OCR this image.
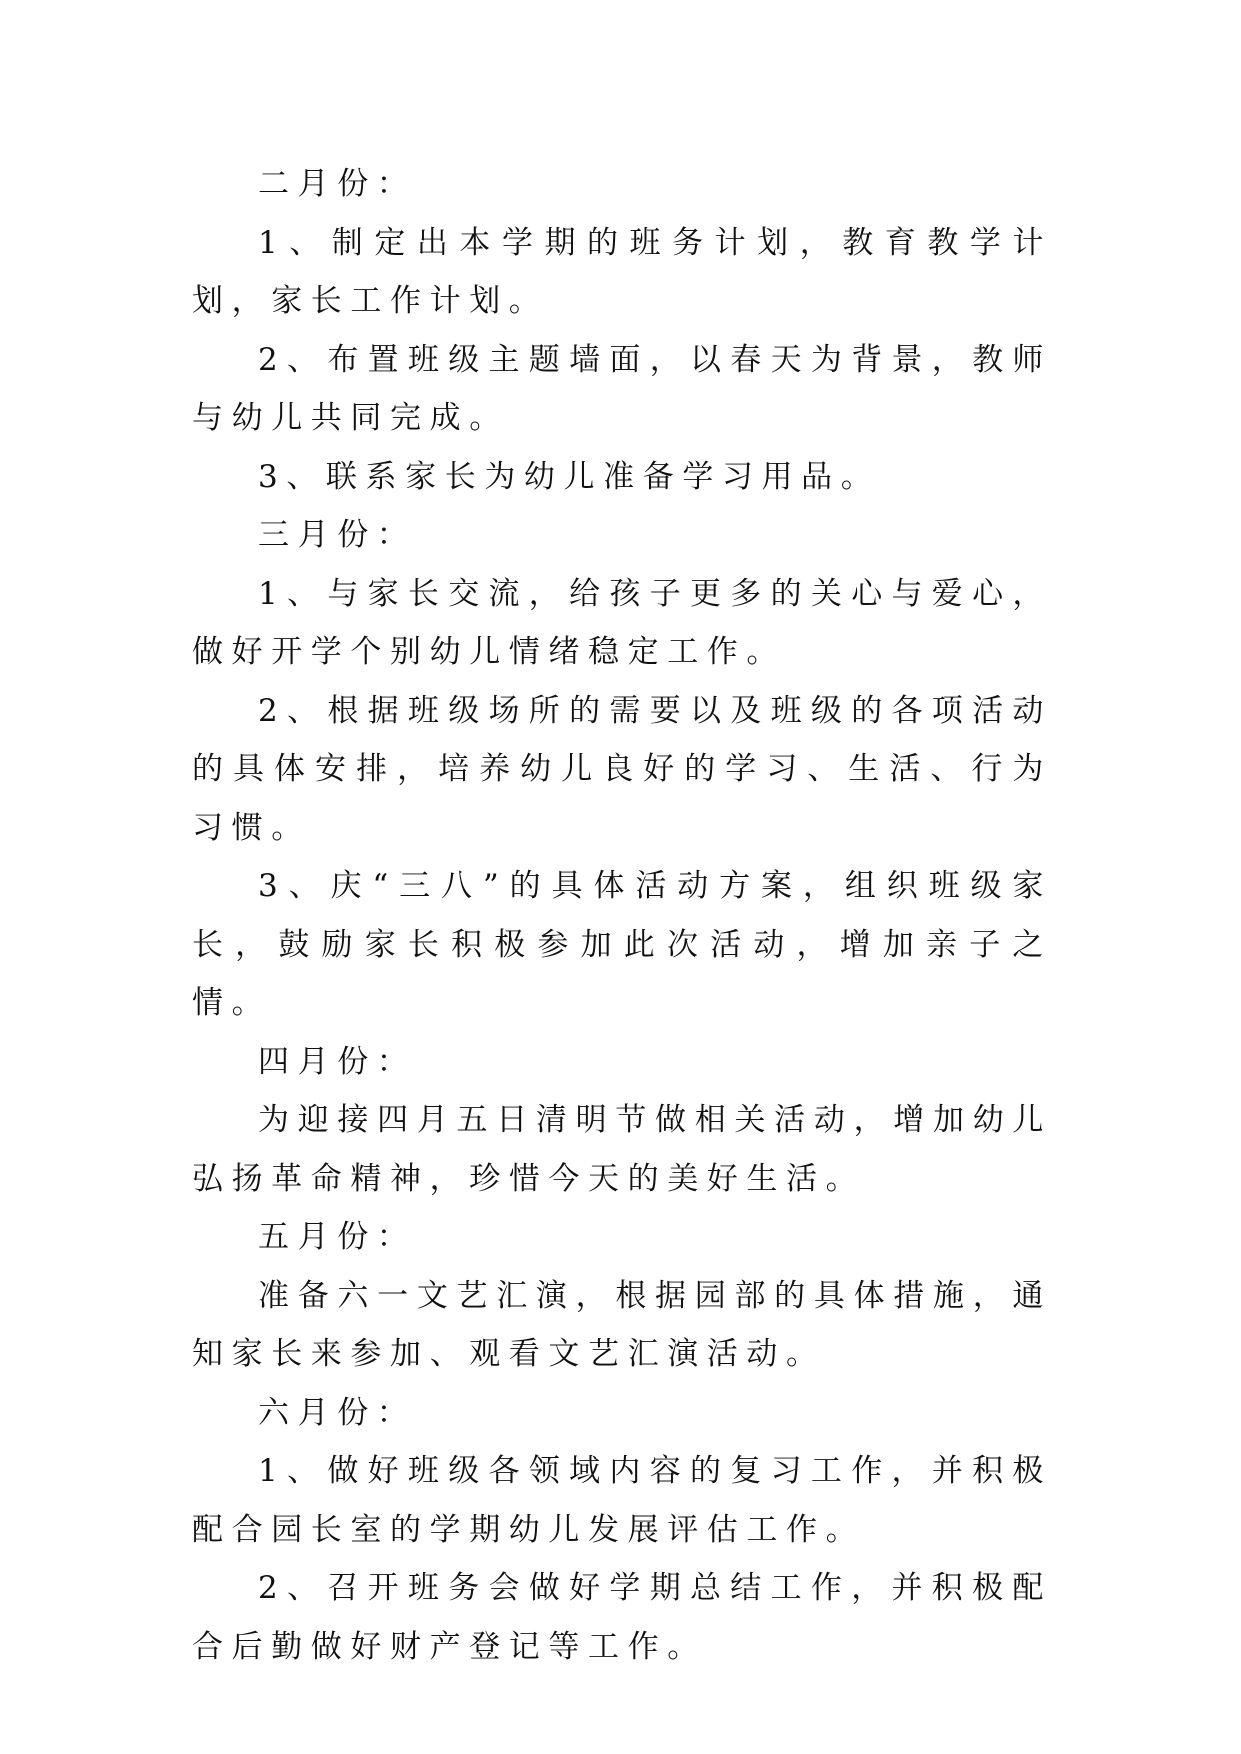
二月份：

1、制定出本学期的班务计划，教育教学计划，家长工作计划。

2、布置班级主题墙面，以春天为背景，教师与幼儿共同完成。

3、联系家长为幼儿准备学习用品。

三月份：

1、与家长交流，给孩子更多的关心与爱心，做好开学个别幼儿情绪稳定工作。

2、根据班级场所的需要以及班级的各项活动的具体安排，培养幼儿良好的学习、生活、行为习惯。

3、庆“三八”的具体活动方案，组织班级家长，鼓励家长积极参加此次活动，增加亲子之情。

四月份：

为迎接四月五日清明节做相关活动，增加幼儿弘扬革命精神，珍惜今天的美好生活。

五月份：

准备六一文艺汇演，根据园部的具体措施，通知家长来参加、观看文艺汇演活动。

六月份：

1、做好班级各领域内容的复习工作，并积极配合园长室的学期幼儿发展评估工作。

2、召开班务会做好学期总结工作，并积极配合后勤做好财产登记等工作。
